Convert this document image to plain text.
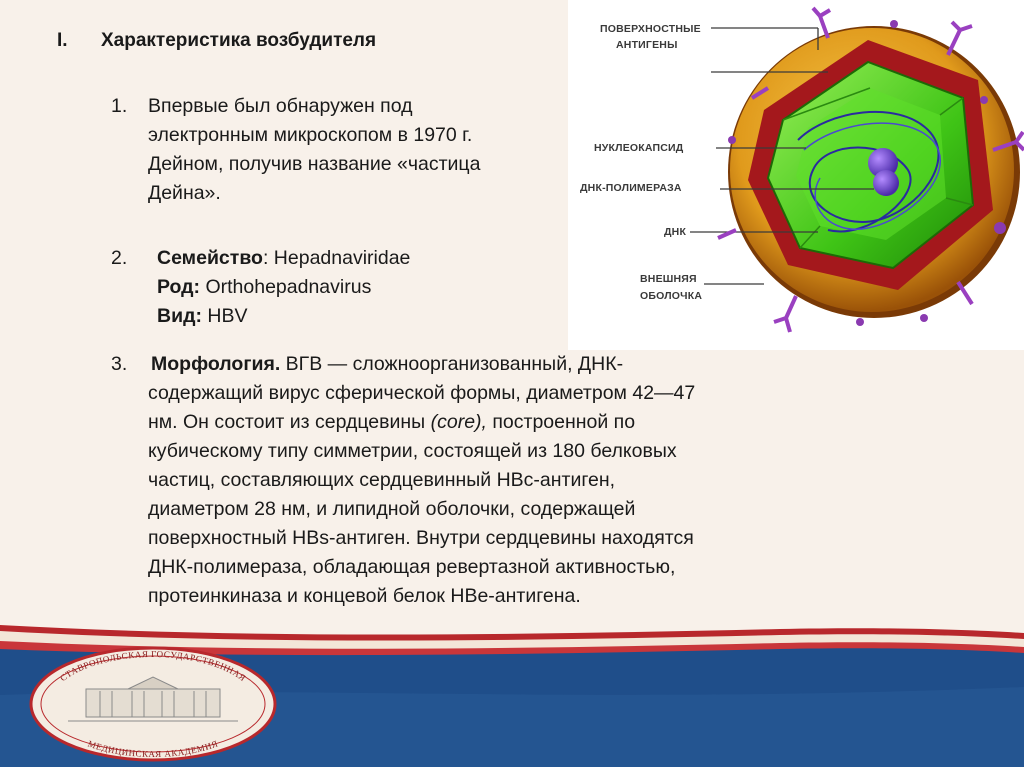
I. Характеристика возбудителя
1. Впервые был обнаружен под
электронным микроскопом в 1970 г.
Дейном, получив название «частица
Дейна».
2. Семейство: Hepadnaviridae
Род: Orthohepadnavirus
Вид: HBV
3. Морфология. ВГВ — сложноорганизованный, ДНК-
содержащий вирус сферической формы, диаметром 42—47
нм. Он состоит из сердцевины (core), построенной по
кубическому типу симметрии, состоящей из 180 белковых
частиц, составляющих сердцевинный HBc-антиген,
диаметром 28 нм, и липидной оболочки, содержащей
поверхностный HBs-антиген. Внутри сердцевины находятся
ДНК-полимераза, обладающая ревертазной активностью,
протеинкиназа и концевой белок HBe-антигена.
ПОВЕРХНОСТНЫЕ
АНТИГЕНЫ
НУКЛЕОКАПСИД
ДНК-ПОЛИМЕРАЗА
ДНК
ВНЕШНЯЯ
ОБОЛОЧКА
СТАВРОПОЛЬСКАЯ ГОСУДАРСТВЕННАЯ
МЕДИЦИНСКАЯ АКАДЕМИЯ
